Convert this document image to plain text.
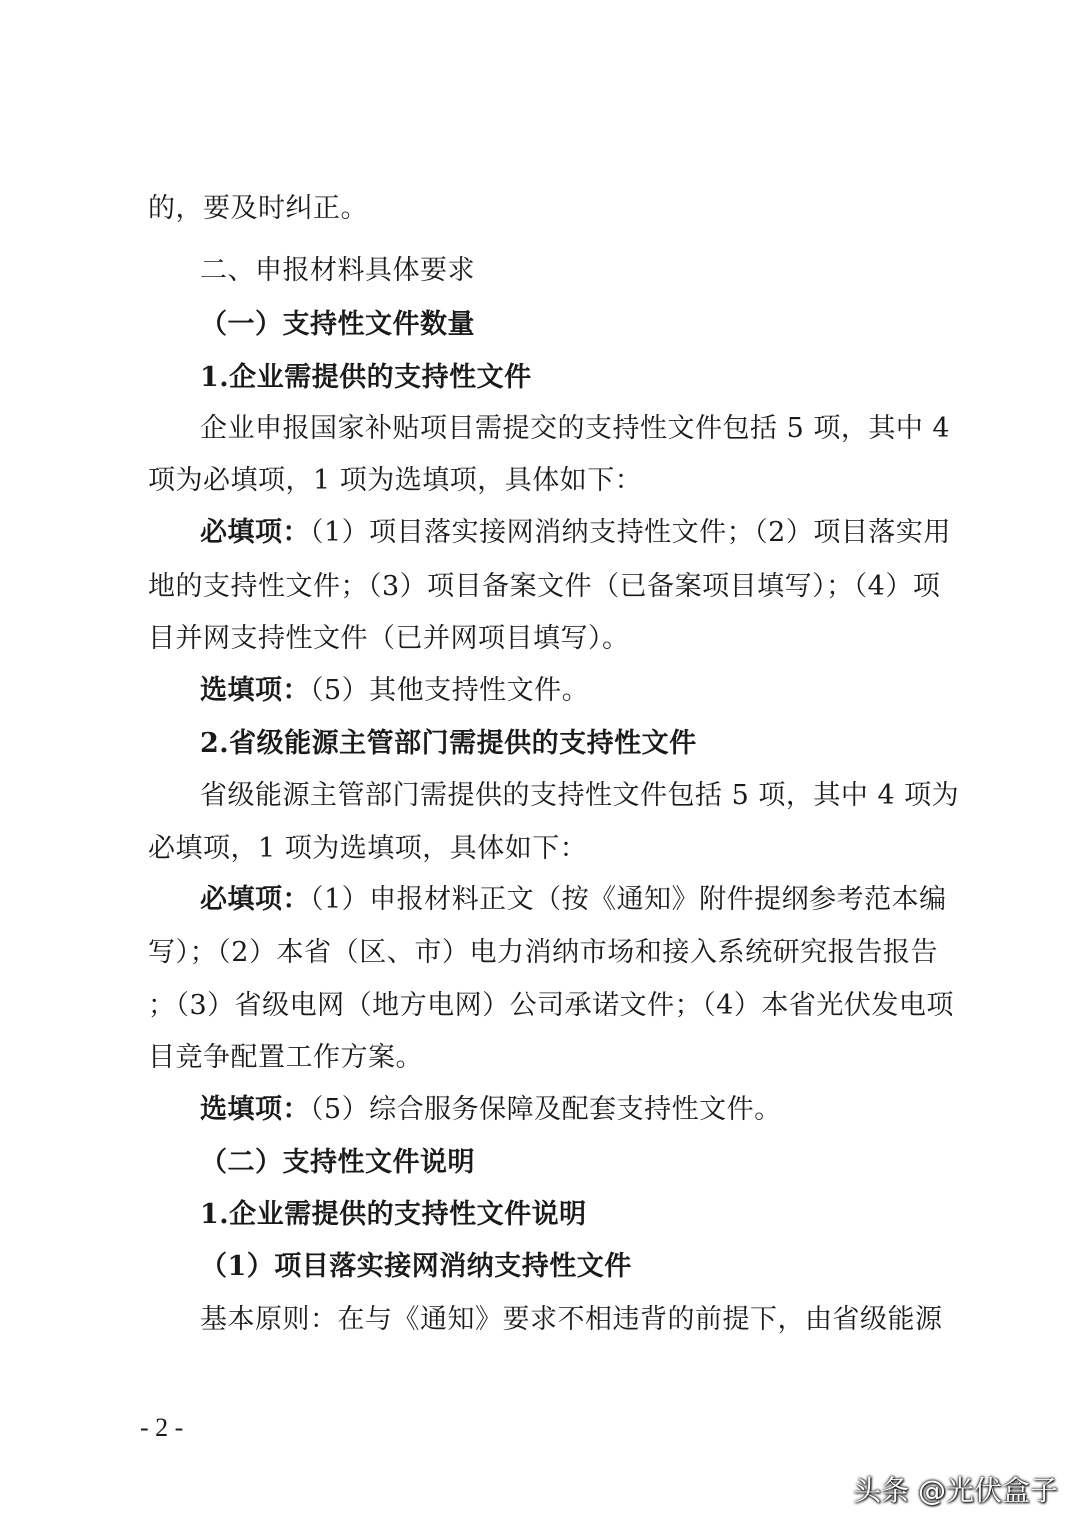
的，要及时纠正。
二、申报材料具体要求
（一）支持性文件数量
1.企业需提供的支持性文件
企业申报国家补贴项目需提交的支持性文件包括 5 项，其中 4
项为必填项，1 项为选填项，具体如下：
必填项：（1）项目落实接网消纳支持性文件；（2）项目落实用
地的支持性文件；（3）项目备案文件（已备案项目填写）；（4）项
目并网支持性文件（已并网项目填写）。
选填项：（5）其他支持性文件。
2.省级能源主管部门需提供的支持性文件
省级能源主管部门需提供的支持性文件包括 5 项，其中 4 项为
必填项，1 项为选填项，具体如下：
必填项：（1）申报材料正文（按《通知》附件提纲参考范本编
写）；（2）本省（区、市）电力消纳市场和接入系统研究报告报告
；（3）省级电网（地方电网）公司承诺文件；（4）本省光伏发电项
目竞争配置工作方案。
选填项：（5）综合服务保障及配套支持性文件。
（二）支持性文件说明
1.企业需提供的支持性文件说明
（1）项目落实接网消纳支持性文件
基本原则：在与《通知》要求不相违背的前提下，由省级能源
- 2 -
头条 @光伏盒子
